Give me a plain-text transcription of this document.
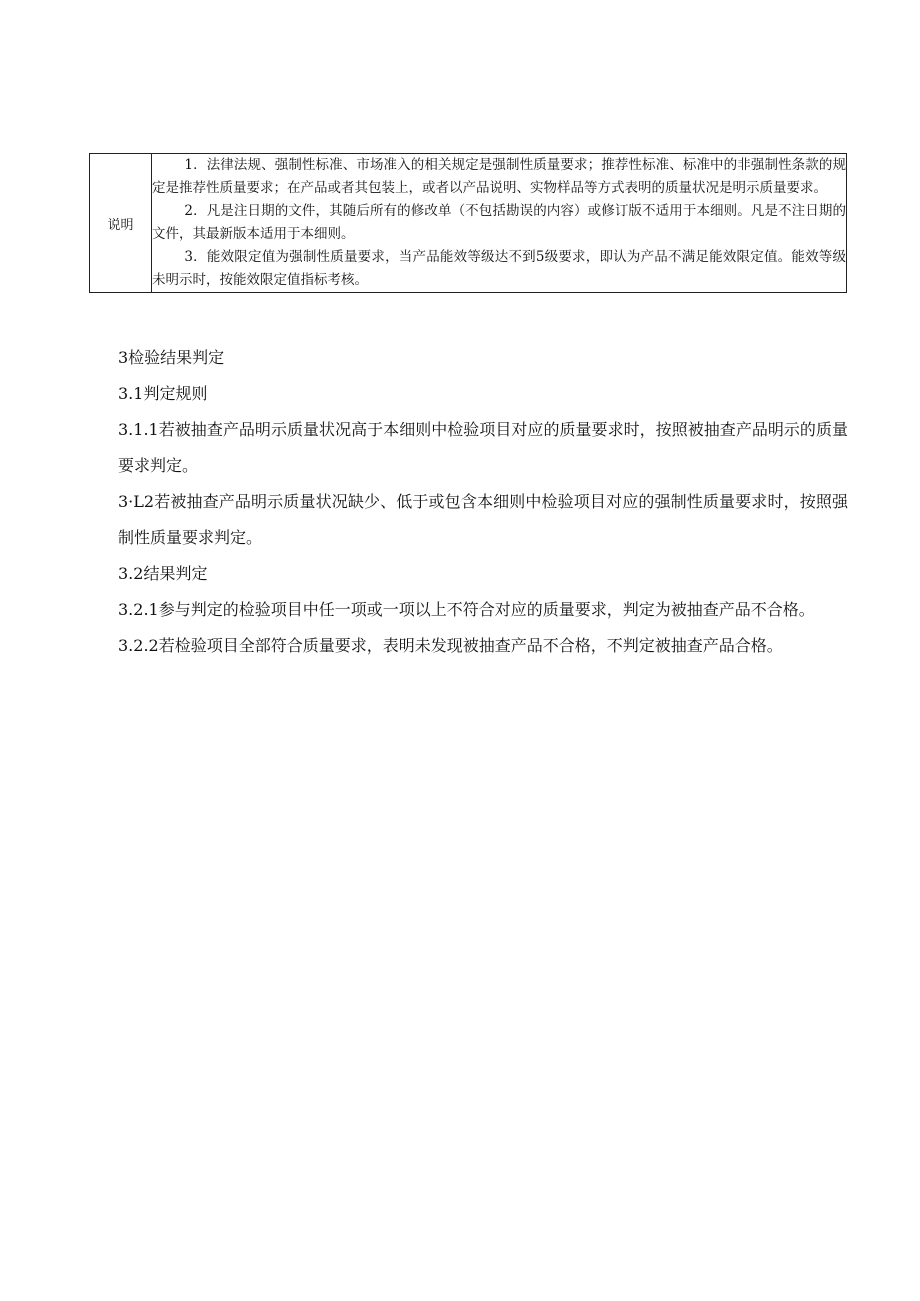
说明	

1．法律法规、强制性标准、市场准入的相关规定是强制性质量要求；推荐性标准、标准中的非强制性条款的规定是推荐性质量要求；在产品或者其包装上，或者以产品说明、实物样品等方式表明的质量状况是明示质量要求。

2．凡是注日期的文件，其随后所有的修改单（不包括勘误的内容）或修订版不适用于本细则。凡是不注日期的文件，其最新版本适用于本细则。

3．能效限定值为强制性质量要求，当产品能效等级达不到5级要求，即认为产品不满足能效限定值。能效等级未明示时，按能效限定值指标考核。

3检验结果判定

3.1判定规则

3.1.1若被抽查产品明示质量状况高于本细则中检验项目对应的质量要求时，按照被抽查产品明示的质量要求判定。

3·L2若被抽查产品明示质量状况缺少、低于或包含本细则中检验项目对应的强制性质量要求时，按照强制性质量要求判定。

3.2结果判定

3.2.1参与判定的检验项目中任一项或一项以上不符合对应的质量要求，判定为被抽查产品不合格。

3.2.2若检验项目全部符合质量要求，表明未发现被抽查产品不合格，不判定被抽查产品合格。
